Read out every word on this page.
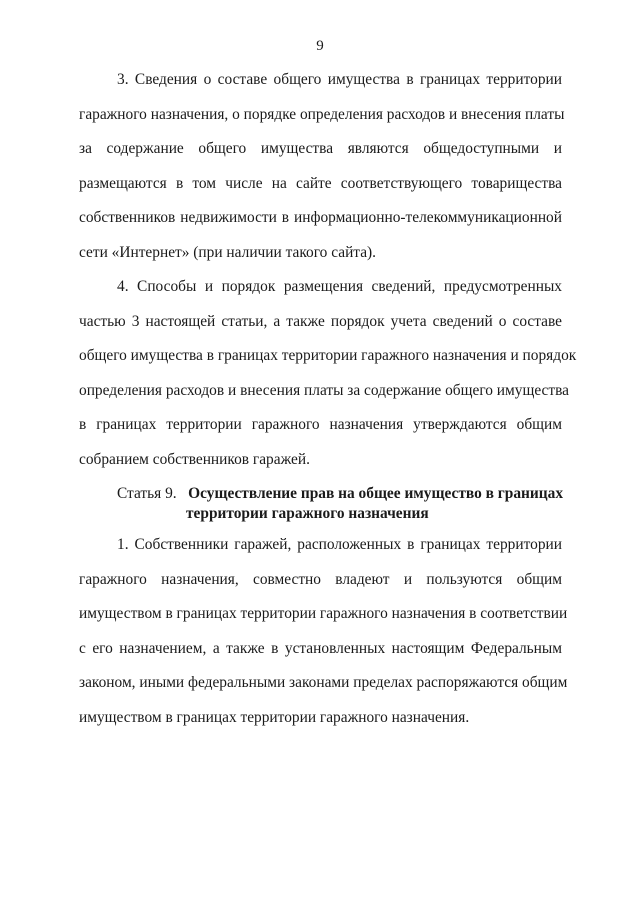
9
3. Сведения о составе общего имущества в границах территории
гаражного назначения, о порядке определения расходов и внесения платы
за содержание общего имущества являются общедоступными и
размещаются в том числе на сайте соответствующего товарищества
собственников недвижимости в информационно-телекоммуникационной
сети «Интернет» (при наличии такого сайта).
4. Способы и порядок размещения сведений, предусмотренных
частью 3 настоящей статьи, а также порядок учета сведений о составе
общего имущества в границах территории гаражного назначения и порядок
определения расходов и внесения платы за содержание общего имущества
в границах территории гаражного назначения утверждаются общим
собранием собственников гаражей.
Статья 9. Осуществление прав на общее имущество в границах
территории гаражного назначения
1. Собственники гаражей, расположенных в границах территории
гаражного назначения, совместно владеют и пользуются общим
имуществом в границах территории гаражного назначения в соответствии
с его назначением, а также в установленных настоящим Федеральным
законом, иными федеральными законами пределах распоряжаются общим
имуществом в границах территории гаражного назначения.
